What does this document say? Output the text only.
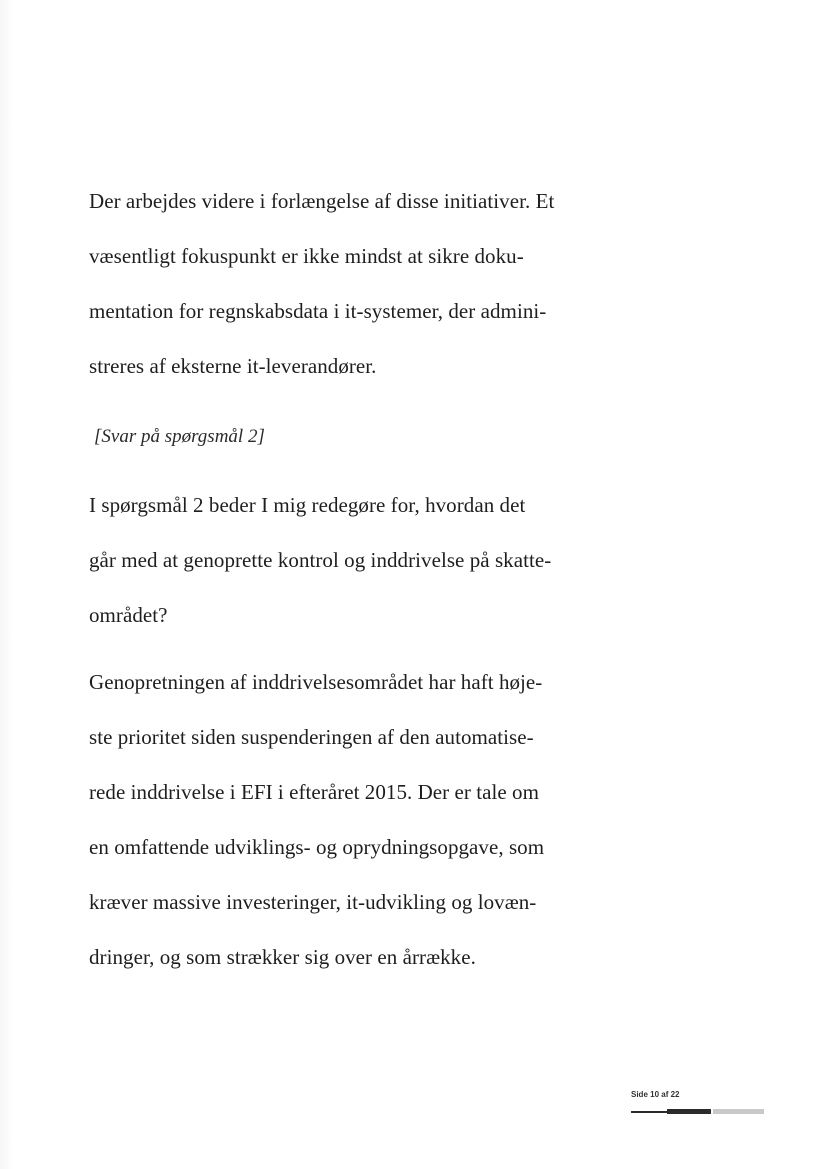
Der arbejdes videre i forlængelse af disse initiativer. Et
væsentligt fokuspunkt er ikke mindst at sikre doku-
mentation for regnskabsdata i it-systemer, der admini-
streres af eksterne it-leverandører.
[Svar på spørgsmål 2]
I spørgsmål 2 beder I mig redegøre for, hvordan det
går med at genoprette kontrol og inddrivelse på skatte-
området?
Genopretningen af inddrivelsesområdet har haft høje-
ste prioritet siden suspenderingen af den automatise-
rede inddrivelse i EFI i efteråret 2015. Der er tale om
en omfattende udviklings- og oprydningsopgave, som
kræver massive investeringer, it-udvikling og lovæn-
dringer, og som strækker sig over en årrække.
Side 10 af 22
